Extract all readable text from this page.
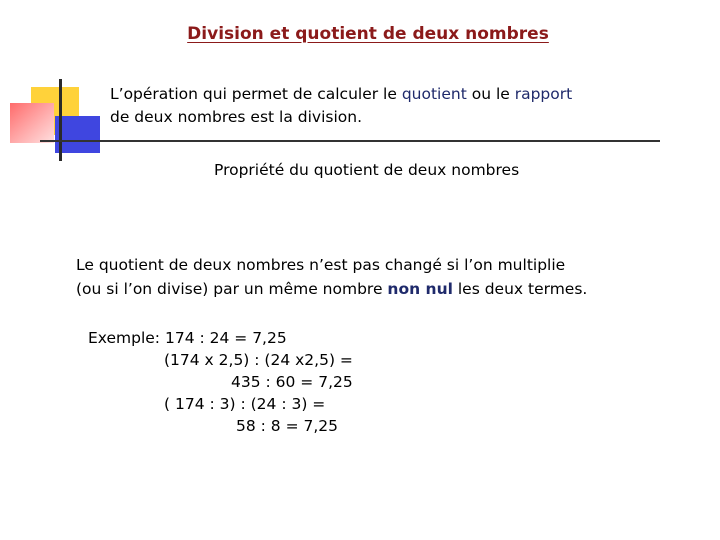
Division et quotient de deux nombres
L’opération qui permet de calculer le quotient ou le rapport
de deux nombres est la division.
Propriété du quotient de deux nombres
Le quotient de deux nombres n’est pas changé si l’on multiplie
(ou si l’on divise) par un même nombre non nul les deux termes.
Exemple: 174 : 24 = 7,25
(174 x 2,5) : (24 x2,5) =
435 : 60 = 7,25
( 174 : 3) : (24 : 3) =
58 : 8 = 7,25
